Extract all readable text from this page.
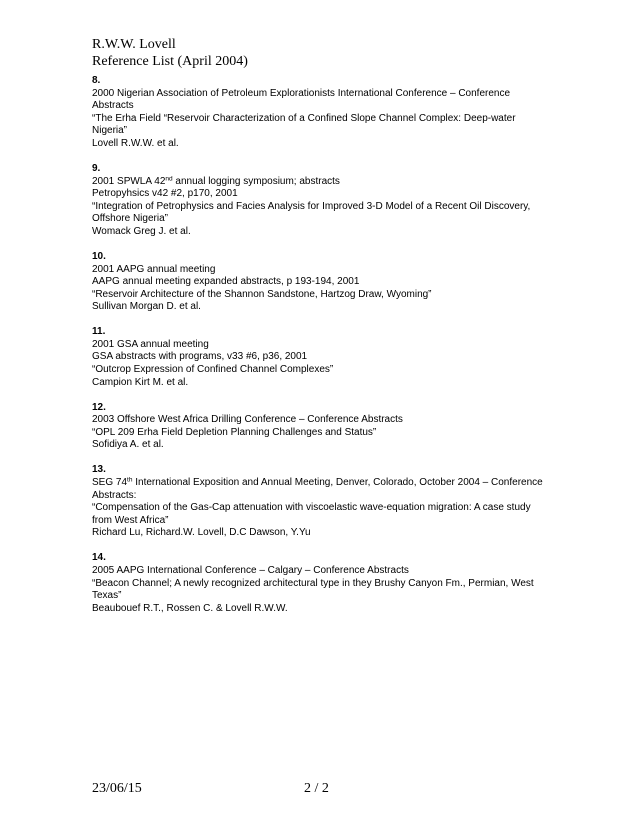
R.W.W. Lovell
Reference List (April 2004)
8.
2000 Nigerian Association of Petroleum Explorationists International Conference – Conference Abstracts
“The Erha Field “Reservoir Characterization of a Confined Slope Channel Complex: Deep-water Nigeria”
Lovell R.W.W. et al.
9.
2001 SPWLA 42nd annual logging symposium; abstracts
Petropyhsics v42 #2, p170, 2001
“Integration of Petrophysics and Facies Analysis for Improved 3-D Model of a Recent Oil Discovery, Offshore Nigeria”
Womack Greg J. et al.
10.
2001 AAPG annual meeting
AAPG annual meeting expanded abstracts, p 193-194, 2001
“Reservoir Architecture of the Shannon Sandstone, Hartzog Draw, Wyoming”
Sullivan Morgan D. et al.
11.
2001 GSA annual meeting
GSA abstracts with programs, v33 #6, p36, 2001
“Outcrop Expression of Confined Channel Complexes”
Campion Kirt M. et al.
12.
2003 Offshore West Africa Drilling Conference – Conference Abstracts
“OPL 209 Erha Field Depletion Planning Challenges and Status”
Sofidiya A. et al.
13.
SEG 74th International Exposition and Annual Meeting, Denver, Colorado, October 2004 – Conference Abstracts:
“Compensation of the Gas-Cap attenuation with viscoelastic wave-equation migration: A case study from West Africa”
Richard Lu, Richard.W. Lovell, D.C Dawson, Y.Yu
14.
2005 AAPG International Conference – Calgary – Conference Abstracts
“Beacon Channel; A newly recognized architectural type in they Brushy Canyon Fm., Permian, West Texas”
Beaubouef R.T., Rossen C. & Lovell R.W.W.
23/06/15	2 / 2
